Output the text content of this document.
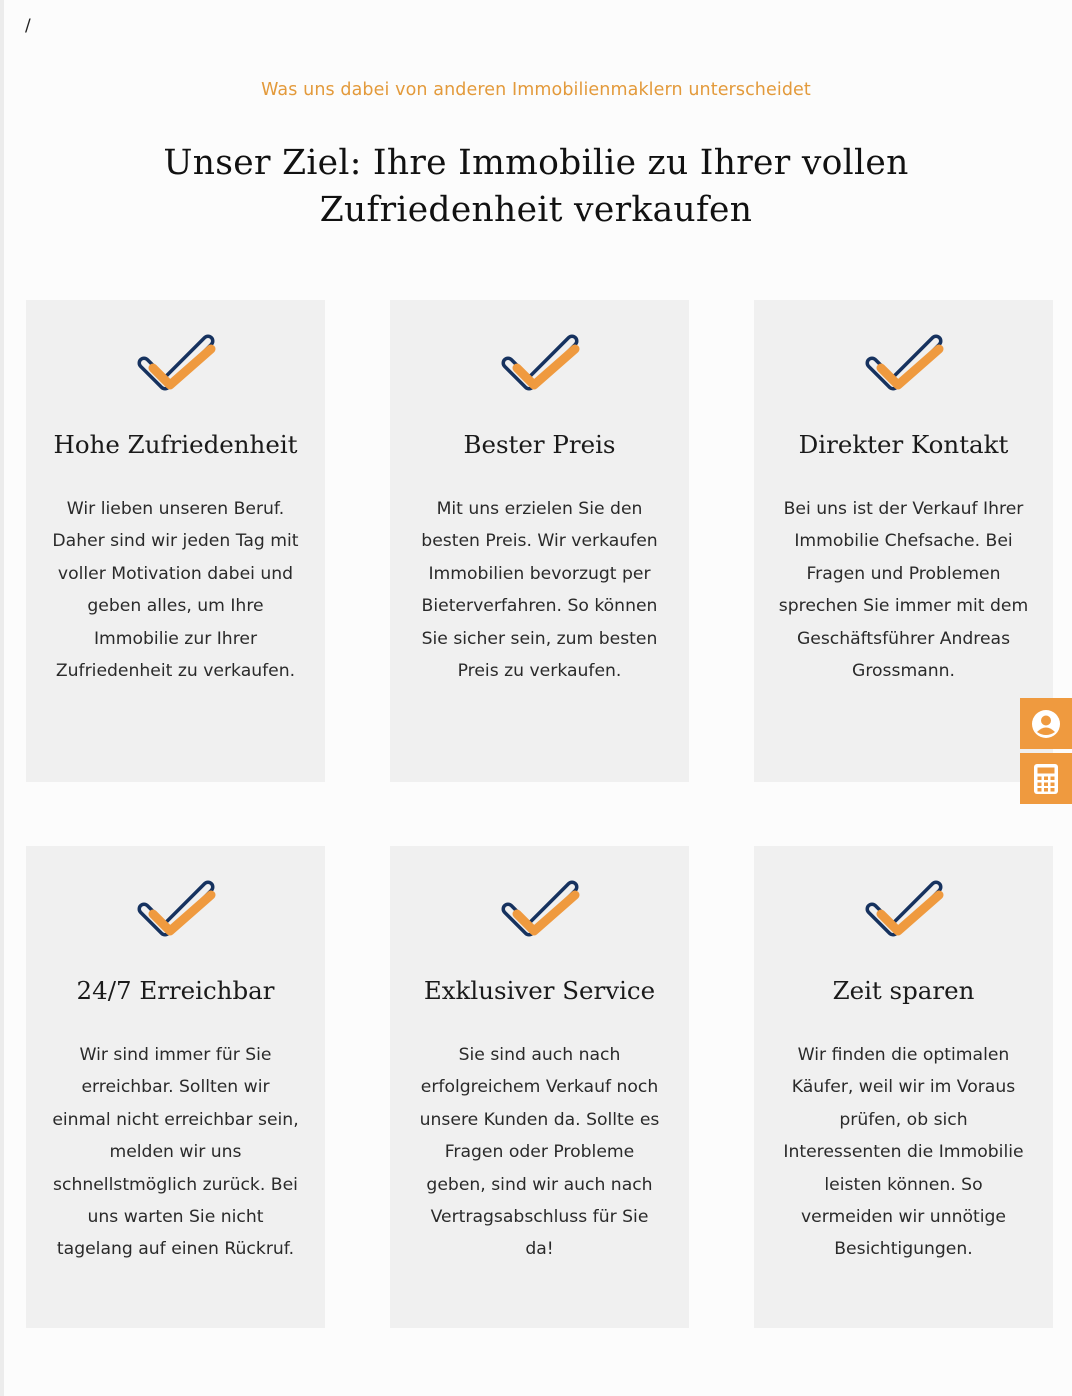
/
Was uns dabei von anderen Immobilienmaklern unterscheidet
Unser Ziel: Ihre Immobilie zu Ihrer vollen Zufriedenheit verkaufen
Hohe Zufriedenheit

Wir lieben unseren Beruf. Daher sind wir jeden Tag mit voller Motivation dabei und geben alles, um Ihre Immobilie zur Ihrer Zufriedenheit zu verkaufen.

Bester Preis

Mit uns erzielen Sie den besten Preis. Wir verkaufen Immobilien bevorzugt per Bieterverfahren. So können Sie sicher sein, zum besten Preis zu verkaufen.

Direkter Kontakt

Bei uns ist der Verkauf Ihrer Immobilie Chefsache. Bei Fragen und Problemen sprechen Sie immer mit dem Geschäftsführer Andreas Grossmann.

24/7 Erreichbar

Wir sind immer für Sie erreichbar. Sollten wir einmal nicht erreichbar sein, melden wir uns schnellstmöglich zurück. Bei uns warten Sie nicht tagelang auf einen Rückruf.

Exklusiver Service

Sie sind auch nach erfolgreichem Verkauf noch unsere Kunden da. Sollte es Fragen oder Probleme geben, sind wir auch nach Vertragsabschluss für Sie da!

Zeit sparen

Wir finden die optimalen Käufer, weil wir im Voraus prüfen, ob sich Interessenten die Immobilie leisten können. So vermeiden wir unnötige Besichtigungen.
